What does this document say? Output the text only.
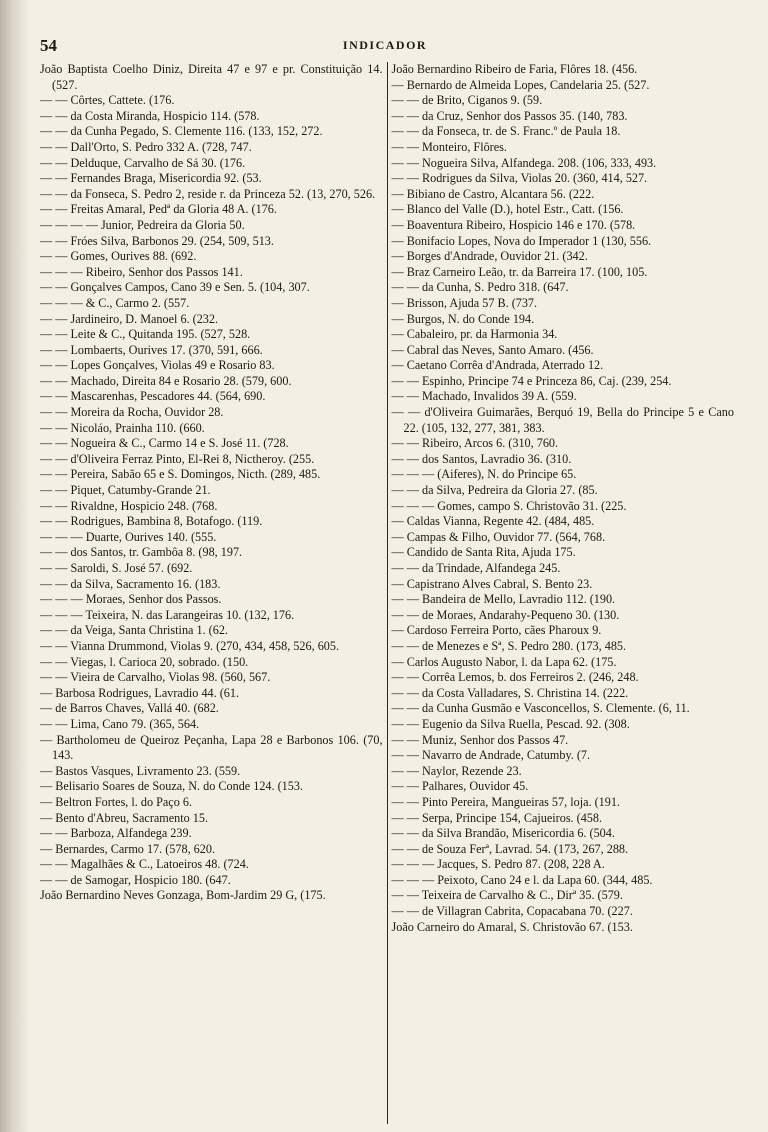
54	INDICADOR
João Baptista Coelho Diniz, Direita 47 e 97 e pr. Constituição 14. (527.
— — Côrtes, Cattete. (176.
— — da Costa Miranda, Hospicio 114. (578.
— — da Cunha Pegado, S. Clemente 116. (133, 152, 272.
— — Dall'Orto, S. Pedro 332 A. (728, 747.
— — Delduque, Carvalho de Sá 30. (176.
— — Fernandes Braga, Misericordia 92. (53.
— — da Fonseca, S. Pedro 2, reside r. da Princeza 52. (13, 270, 526.
— — Freitas Amaral, Pedª da Gloria 48 A. (176.
— — — — Junior, Pedreira da Gloria 50.
— — Fróes Silva, Barbonos 29. (254, 509, 513.
— — Gomes, Ourives 88. (692.
— — — Ribeiro, Senhor dos Passos 141.
— — Gonçalves Campos, Cano 39 e Sen. 5. (104, 307.
— — — & C., Carmo 2. (557.
— — Jardineiro, D. Manoel 6. (232.
— — Leite & C., Quitanda 195. (527, 528.
— — Lombaerts, Ourives 17. (370, 591, 666.
— — Lopes Gonçalves, Violas 49 e Rosario 83.
— — Machado, Direita 84 e Rosario 28. (579, 600.
— — Mascarenhas, Pescadores 44. (564, 690.
— — Moreira da Rocha, Ouvidor 28.
— — Nicoláo, Prainha 110. (660.
— — Nogueira & C., Carmo 14 e S. José 11. (728.
— — d'Oliveira Ferraz Pinto, El-Rei 8, Nictheroy. (255.
— — Pereira, Sabão 65 e S. Domingos, Nicth. (289, 485.
— — Piquet, Catumby-Grande 21.
— — Rivaldne, Hospicio 248. (768.
— — Rodrigues, Bambina 8, Botafogo. (119.
— — — Duarte, Ourives 140. (555.
— — dos Santos, tr. Gambôa 8. (98, 197.
— — Saroldi, S. José 57. (692.
— — da Silva, Sacramento 16. (183.
— — — Moraes, Senhor dos Passos.
— — — Teixeira, N. das Larangeiras 10. (132, 176.
— — da Veiga, Santa Christina 1. (62.
— — Vianna Drummond, Violas 9. (270, 434, 458, 526, 605.
— — Viegas, l. Carioca 20, sobrado. (150.
— — Vieira de Carvalho, Violas 98. (560, 567.
— Barbosa Rodrigues, Lavradio 44. (61.
— de Barros Chaves, Vallá 40. (682.
— — Lima, Cano 79. (365, 564.
— Bartholomeu de Queiroz Peçanha, Lapa 28 e Barbonos 106. (70, 143.
— Bastos Vasques, Livramento 23. (559.
— Belisario Soares de Souza, N. do Conde 124. (153.
— Beltron Fortes, l. do Paço 6.
— Bento d'Abreu, Sacramento 15.
— — Barboza, Alfandega 239.
— Bernardes, Carmo 17. (578, 620.
— — Magalhães & C., Latoeiros 48. (724.
— — de Samogar, Hospicio 180. (647.
João Bernardino Neves Gonzaga, Bom-Jardim 29 G, (175.
João Bernardino Ribeiro de Faria, Flôres 18. (456.
— Bernardo de Almeida Lopes, Candelaria 25. (527.
— — de Brito, Ciganos 9. (59.
— — da Cruz, Senhor dos Passos 35. (140, 783.
— — da Fonseca, tr. de S. Franc.º de Paula 18.
— — Monteiro, Flôres.
— — Nogueira Silva, Alfandega. 208. (106, 333, 493.
— — Rodrigues da Silva, Violas 20. (360, 414, 527.
— Bibiano de Castro, Alcantara 56. (222.
— Blanco del Valle (D.), hotel Estr., Catt. (156.
— Boaventura Ribeiro, Hospicio 146 e 170. (578.
— Bonifacio Lopes, Nova do Imperador 1 (130, 556.
— Borges d'Andrade, Ouvidor 21. (342.
— Braz Carneiro Leão, tr. da Barreira 17. (100, 105.
— — da Cunha, S. Pedro 318. (647.
— Brisson, Ajuda 57 B. (737.
— Burgos, N. do Conde 194.
— Cabaleiro, pr. da Harmonia 34.
— Cabral das Neves, Santo Amaro. (456.
— Caetano Corrêa d'Andrada, Aterrado 12.
— — Espinho, Principe 74 e Princeza 86, Caj. (239, 254.
— — Machado, Invalidos 39 A. (559.
— — d'Oliveira Guimarães, Berquó 19, Bella do Principe 5 e Cano 22. (105, 132, 277, 381, 383.
— — Ribeiro, Arcos 6. (310, 760.
— — dos Santos, Lavradio 36. (310.
— — — (Aiferes), N. do Principe 65.
— — da Silva, Pedreira da Gloria 27. (85.
— — — Gomes, campo S. Christovão 31. (225.
— Caldas Vianna, Regente 42. (484, 485.
— Campas & Filho, Ouvidor 77. (564, 768.
— Candido de Santa Rita, Ajuda 175.
— — da Trindade, Alfandega 245.
— Capistrano Alves Cabral, S. Bento 23.
— — Bandeira de Mello, Lavradio 112. (190.
— — de Moraes, Andarahy-Pequeno 30. (130.
— Cardoso Ferreira Porto, cães Pharoux 9.
— — de Menezes e Sª, S. Pedro 280. (173, 485.
— Carlos Augusto Nabor, l. da Lapa 62. (175.
— — Corrêa Lemos, b. dos Ferreiros 2. (246, 248.
— — da Costa Valladares, S. Christina 14. (222.
— — da Cunha Gusmão e Vasconcellos, S. Clemente. (6, 11.
— — Eugenio da Silva Ruella, Pescad. 92. (308.
— — Muniz, Senhor dos Passos 47.
— — Navarro de Andrade, Catumby. (7.
— — Naylor, Rezende 23.
— — Palhares, Ouvidor 45.
— — Pinto Pereira, Mangueiras 57, loja. (191.
— — Serpa, Principe 154, Cajueiros. (458.
— — da Silva Brandão, Misericordia 6. (504.
— — de Souza Ferª, Lavrad. 54. (173, 267, 288.
— — — Jacques, S. Pedro 87. (208, 228 A.
— — — Peixoto, Cano 24 e l. da Lapa 60. (344, 485.
— — Teixeira de Carvalho & C., Dirª 35. (579.
— — de Villagran Cabrita, Copacabana 70. (227.
João Carneiro do Amaral, S. Christovão 67. (153.
